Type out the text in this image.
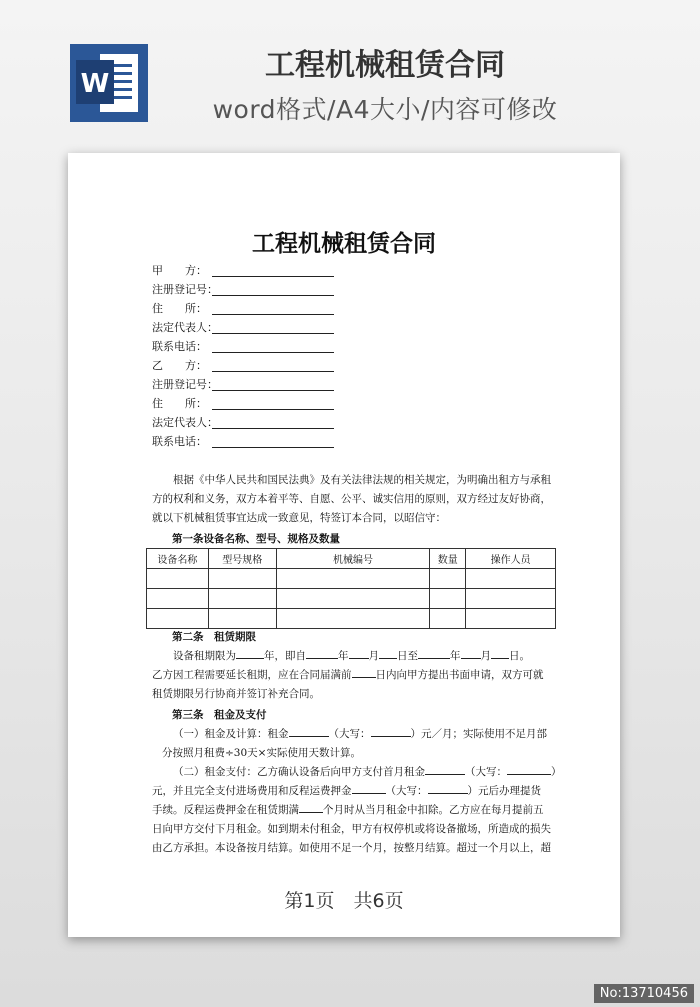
W
工程机械租赁合同
word格式/A4大小/内容可修改
工程机械租赁合同
甲　　方：
注册登记号：
住　　所：
法定代表人：
联系电话：
乙　　方：
注册登记号：
住　　所：
法定代表人：
联系电话：
根据《中华人民共和国民法典》及有关法律法规的相关规定，为明确出租方与承租
方的权利和义务，双方本着平等、自愿、公平、诚实信用的原则，双方经过友好协商，
就以下机械租赁事宜达成一致意见，特签订本合同，以昭信守：
第一条设备名称、型号、规格及数量
设备名称	型号规格	机械编号	数量	操作人员

第二条　租赁期限
设备租期限为	年，即自	年 月 日至	年 月 日。
乙方因工程需要延长租期，应在合同届满前 日内向甲方提出书面申请，双方可就
租赁期限另行协商并签订补充合同。
第三条　租金及支付
（一）租金及计算：租金	（大写：	）元／月；实际使用不足月部
分按照月租费÷30天×实际使用天数计算。
（二）租金支付：乙方确认设备后向甲方支付首月租金	（大写：	）
元，并且完全支付进场费用和反程运费押金	（大写：	）元后办理提货
手续。反程运费押金在租赁期满 个月时从当月租金中扣除。乙方应在每月提前五
日向甲方交付下月租金。如到期未付租金，甲方有权停机或将设备撤场，所造成的损失
由乙方承担。本设备按月结算。如使用不足一个月，按整月结算。超过一个月以上，超
第1页　共6页
No:13710456
